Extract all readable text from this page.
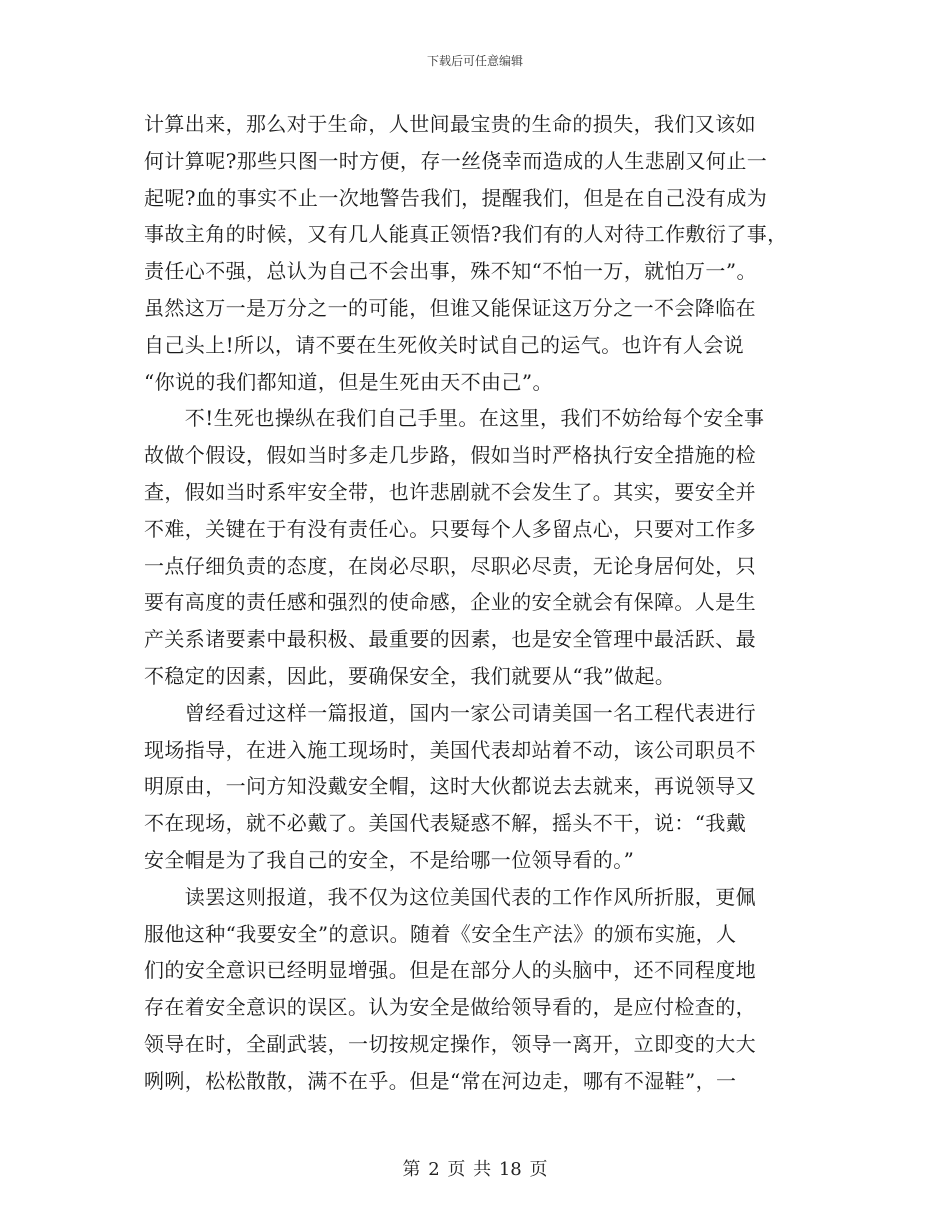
下载后可任意编辑
计算出来，那么对于生命，人世间最宝贵的生命的损失，我们又该如
何计算呢?那些只图一时方便，存一丝侥幸而造成的人生悲剧又何止一
起呢?血的事实不止一次地警告我们，提醒我们，但是在自己没有成为
事故主角的时候，又有几人能真正领悟?我们有的人对待工作敷衍了事，
责任心不强，总认为自己不会出事，殊不知“不怕一万，就怕万一”。
虽然这万一是万分之一的可能，但谁又能保证这万分之一不会降临在
自己头上!所以，请不要在生死攸关时试自己的运气。也许有人会说
“你说的我们都知道，但是生死由天不由己”。
　　不!生死也操纵在我们自己手里。在这里，我们不妨给每个安全事
故做个假设，假如当时多走几步路，假如当时严格执行安全措施的检
查，假如当时系牢安全带，也许悲剧就不会发生了。其实，要安全并
不难，关键在于有没有责任心。只要每个人多留点心，只要对工作多
一点仔细负责的态度，在岗必尽职，尽职必尽责，无论身居何处，只
要有高度的责任感和强烈的使命感，企业的安全就会有保障。人是生
产关系诸要素中最积极、最重要的因素，也是安全管理中最活跃、最
不稳定的因素，因此，要确保安全，我们就要从“我”做起。
　　曾经看过这样一篇报道，国内一家公司请美国一名工程代表进行
现场指导，在进入施工现场时，美国代表却站着不动，该公司职员不
明原由，一问方知没戴安全帽，这时大伙都说去去就来，再说领导又
不在现场，就不必戴了。美国代表疑惑不解，摇头不干，说：“我戴
安全帽是为了我自己的安全，不是给哪一位领导看的。”
　　读罢这则报道，我不仅为这位美国代表的工作作风所折服，更佩
服他这种“我要安全”的意识。随着《安全生产法》的颁布实施，人
们的安全意识已经明显增强。但是在部分人的头脑中，还不同程度地
存在着安全意识的误区。认为安全是做给领导看的，是应付检查的，
领导在时，全副武装，一切按规定操作，领导一离开，立即变的大大
咧咧，松松散散，满不在乎。但是“常在河边走，哪有不湿鞋”，一
第 2 页 共 18 页
